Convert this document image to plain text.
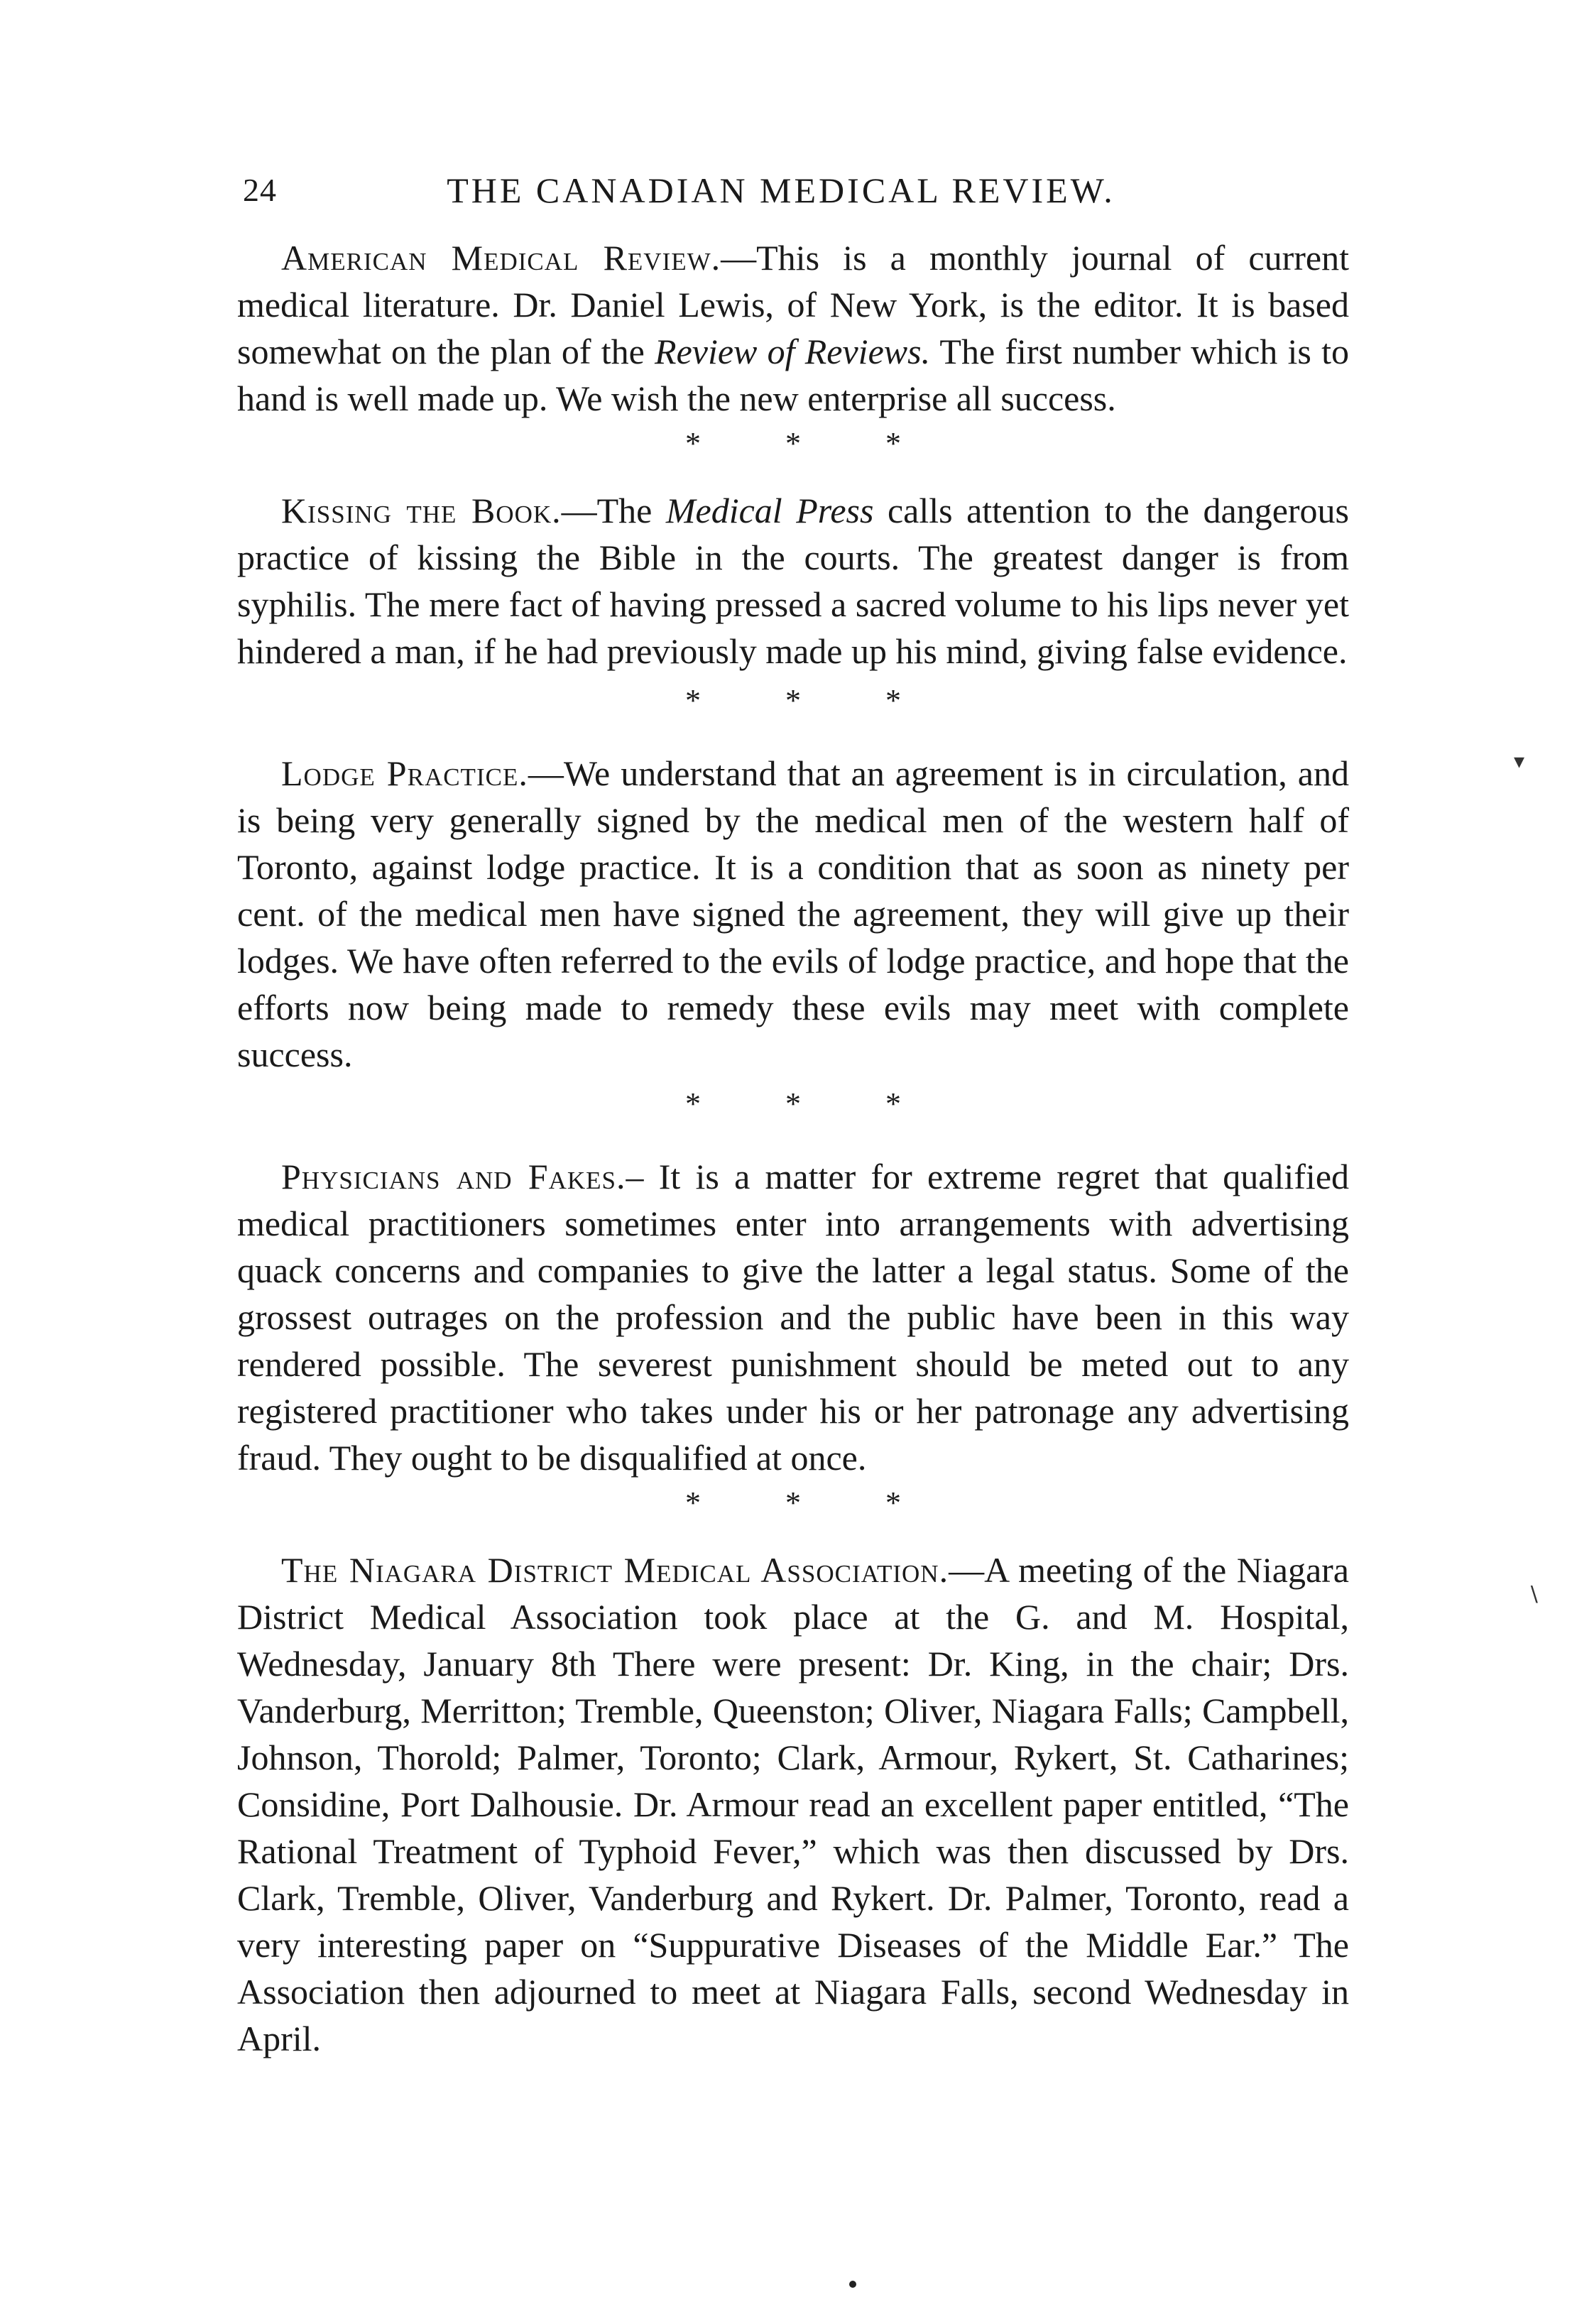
24	THE CANADIAN MEDICAL REVIEW.

American Medical Review.—This is a monthly journal of current medical literature. Dr. Daniel Lewis, of New York, is the editor. It is based somewhat on the plan of the Review of Reviews. The first number which is to hand is well made up. We wish the new enterprise all success.

* * *

Kissing the Book.—The Medical Press calls attention to the dangerous practice of kissing the Bible in the courts. The greatest danger is from syphilis. The mere fact of having pressed a sacred volume to his lips never yet hindered a man, if he had previously made up his mind, giving false evidence.

* * *

Lodge Practice.—We understand that an agreement is in circulation, and is being very generally signed by the medical men of the western half of Toronto, against lodge practice. It is a condition that as soon as ninety per cent. of the medical men have signed the agreement, they will give up their lodges. We have often referred to the evils of lodge practice, and hope that the efforts now being made to remedy these evils may meet with complete success.

* * *

Physicians and Fakes.– It is a matter for extreme regret that qualified medical practitioners sometimes enter into arrangements with advertising quack concerns and companies to give the latter a legal status. Some of the grossest outrages on the profession and the public have been in this way rendered possible. The severest punishment should be meted out to any registered practitioner who takes under his or her patronage any advertising fraud. They ought to be disqualified at once.

* * *

The Niagara District Medical Association.—A meeting of the Niagara District Medical Association took place at the G. and M. Hospital, Wednesday, January 8th There were present: Dr. King, in the chair; Drs. Vanderburg, Merritton; Tremble, Queenston; Oliver, Niagara Falls; Campbell, Johnson, Thorold; Palmer, Toronto; Clark, Armour, Rykert, St. Catharines; Considine, Port Dalhousie. Dr. Armour read an excellent paper entitled, “The Rational Treatment of Typhoid Fever,” which was then discussed by Drs. Clark, Tremble, Oliver, Vanderburg and Rykert. Dr. Palmer, Toronto, read a very interesting paper on “Suppurative Diseases of the Middle Ear.” The Association then adjourned to meet at Niagara Falls, second Wednesday in April.

▾
∖
